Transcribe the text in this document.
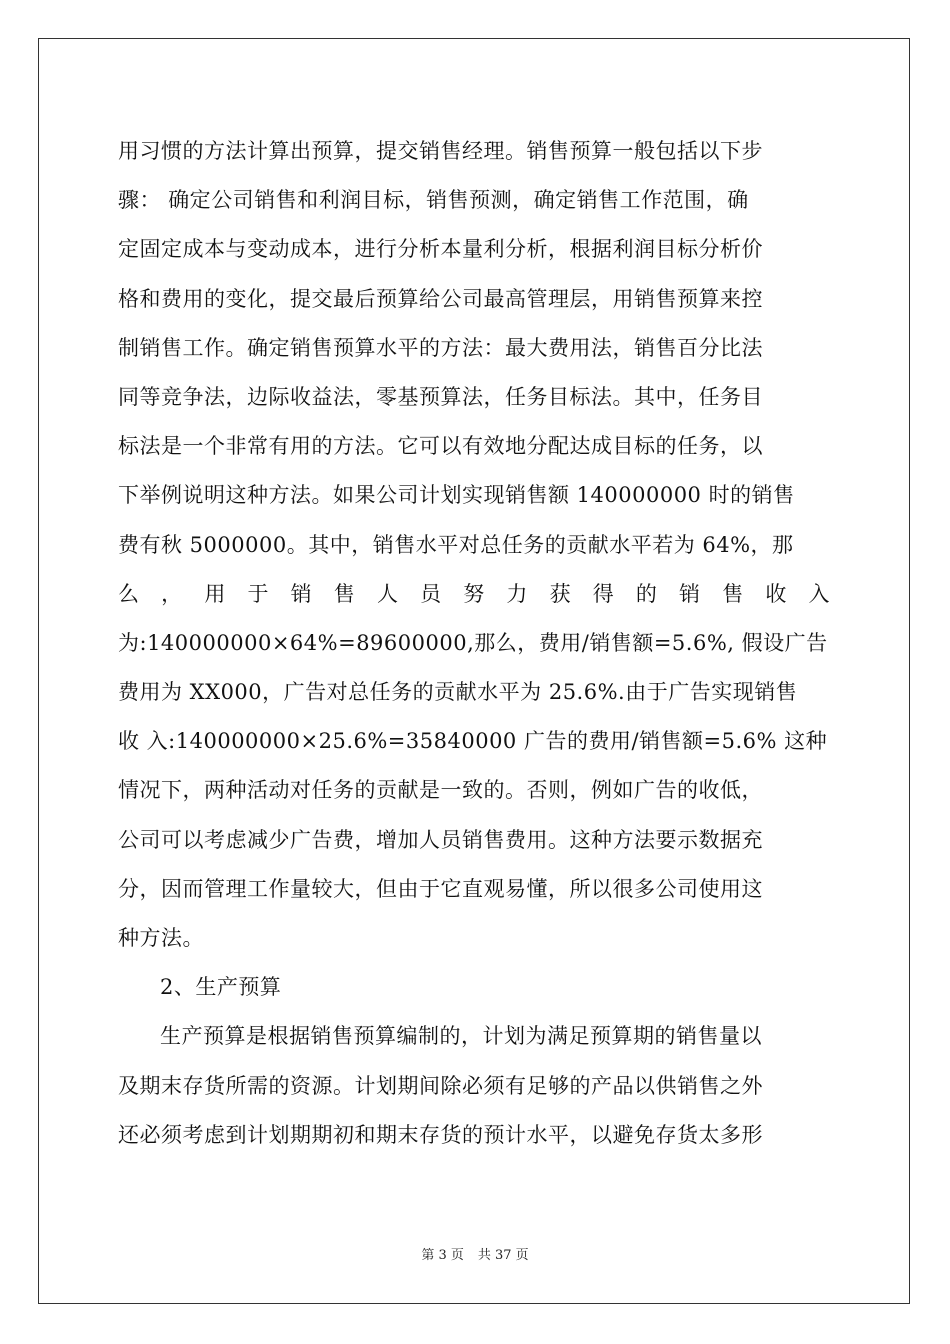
用习惯的方法计算出预算，提交销售经理。销售预算一般包括以下步
骤： 确定公司销售和利润目标，销售预测，确定销售工作范围，确
定固定成本与变动成本，进行分析本量利分析，根据利润目标分析价
格和费用的变化，提交最后预算给公司最高管理层，用销售预算来控
制销售工作。确定销售预算水平的方法：最大费用法，销售百分比法
同等竞争法，边际收益法，零基预算法，任务目标法。其中，任务目
标法是一个非常有用的方法。它可以有效地分配达成目标的任务，以
下举例说明这种方法。如果公司计划实现销售额 140000000 时的销售
费有秋 5000000。其中，销售水平对总任务的贡献水平若为 64%，那
么 ， 用 于 销 售 人 员 努 力 获 得 的 销 售 收 入
为:140000000×64%=89600000,那么，费用/销售额=5.6%, 假设广告
费用为 XX000，广告对总任务的贡献水平为 25.6%.由于广告实现销售
收 入:140000000×25.6%=35840000 广告的费用/销售额=5.6% 这种
情况下，两种活动对任务的贡献是一致的。否则，例如广告的收低，
公司可以考虑减少广告费，增加人员销售费用。这种方法要示数据充
分，因而管理工作量较大，但由于它直观易懂，所以很多公司使用这
种方法。
2、生产预算
生产预算是根据销售预算编制的，计划为满足预算期的销售量以
及期末存货所需的资源。计划期间除必须有足够的产品以供销售之外
还必须考虑到计划期期初和期末存货的预计水平，以避免存货太多形
第 3 页 共 37 页
